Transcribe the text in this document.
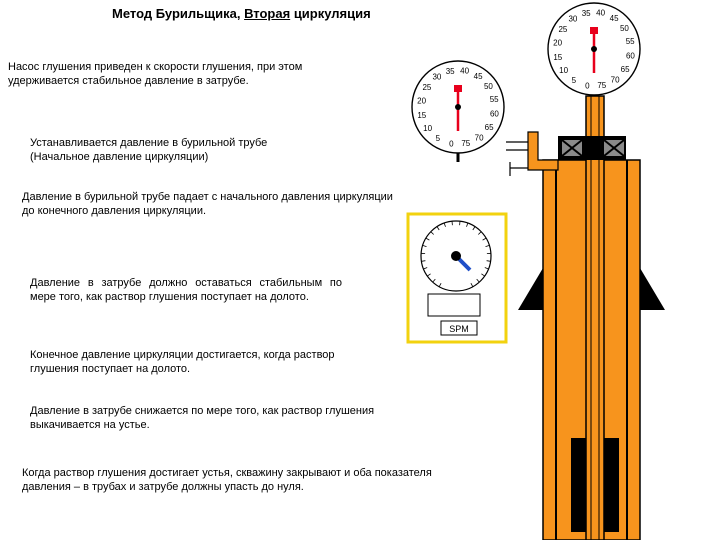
Метод Бурильщика, Вторая циркуляция
Насос глушения приведен к скорости глушения, при этом удерживается стабильное давление в затрубе.
Устанавливается давление в бурильной трубе (Начальное давление циркуляции)
Давление в бурильной трубе падает с начального давления циркуляции до конечного давления циркуляции.
Давление в затрубе должно оставаться стабильным по мере того, как раствор глушения поступает на долото.
Конечное давление циркуляции достигается, когда раствор глушения поступает на долото.
Давление в затрубе снижается по мере того, как раствор глушения выкачивается на устье.
Когда раствор глушения достигает устья, скважину закрывают и оба показателя давления – в трубах и затрубе должны упасть до нуля.
0
5
10
15
20
25
30
35 40
45
50
55
60
65
70
75
0
5
10
15
20
25
30
35 40
45
50
55
60
65
70
75
SPM
